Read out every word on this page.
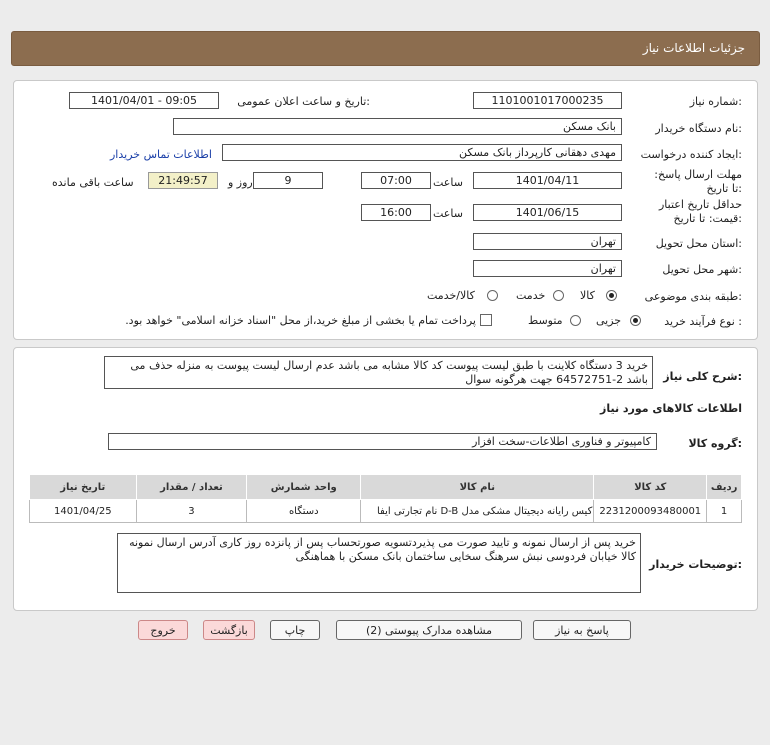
جزئیات اطلاعات نیاز
شماره نیاز:
1101001017000235
تاریخ و ساعت اعلان عمومی:
1401/04/01 - 09:05
نام دستگاه خریدار:
بانک مسکن
ایجاد کننده درخواست:
مهدی دهقانی کارپرداز بانک مسکن
اطلاعات تماس خریدار
مهلت ارسال پاسخ: تا تاریخ:
1401/04/11
ساعت
07:00
9
روز و
21:49:57
ساعت باقی مانده
حداقل تاریخ اعتبار قیمت: تا تاریخ:
1401/06/15
ساعت
16:00
استان محل تحویل:
تهران
شهر محل تحویل:
تهران
طبقه بندی موضوعی:
کالا
خدمت
کالا/خدمت
نوع فرآیند خرید :
جزیی
متوسط
پرداخت تمام یا بخشی از مبلغ خرید،از محل "اسناد خزانه اسلامی" خواهد بود.
شرح کلی نیاز:
خرید 3 دستگاه کلاینت با طبق لیست پیوست کد کالا مشابه می باشد عدم ارسال لیست پیوست به منزله حذف می باشد 2-64572751 جهت هرگونه سوال
اطلاعات کالاهای مورد نیاز
گروه کالا:
کامپیوتر و فناوری اطلاعات-سخت افزار
ردیف	کد کالا	نام کالا	واحد شمارش	تعداد / مقدار	تاریخ نیاز
1	2231200093480001	کیس رایانه دیجیتال مشکی مدل D-B نام تجارتی ایفا	دستگاه	3	1401/04/25
توضیحات خریدار:
خرید پس از ارسال نمونه و تایید صورت می پذیردتسویه صورتحساب پس از پانزده روز کاری آدرس ارسال نمونه کالا خیابان فردوسی نبش سرهنگ سخایی ساختمان بانک مسکن با هماهنگی
پاسخ به نیاز
مشاهده مدارک پیوستی (2)
چاپ
بازگشت
خروج
